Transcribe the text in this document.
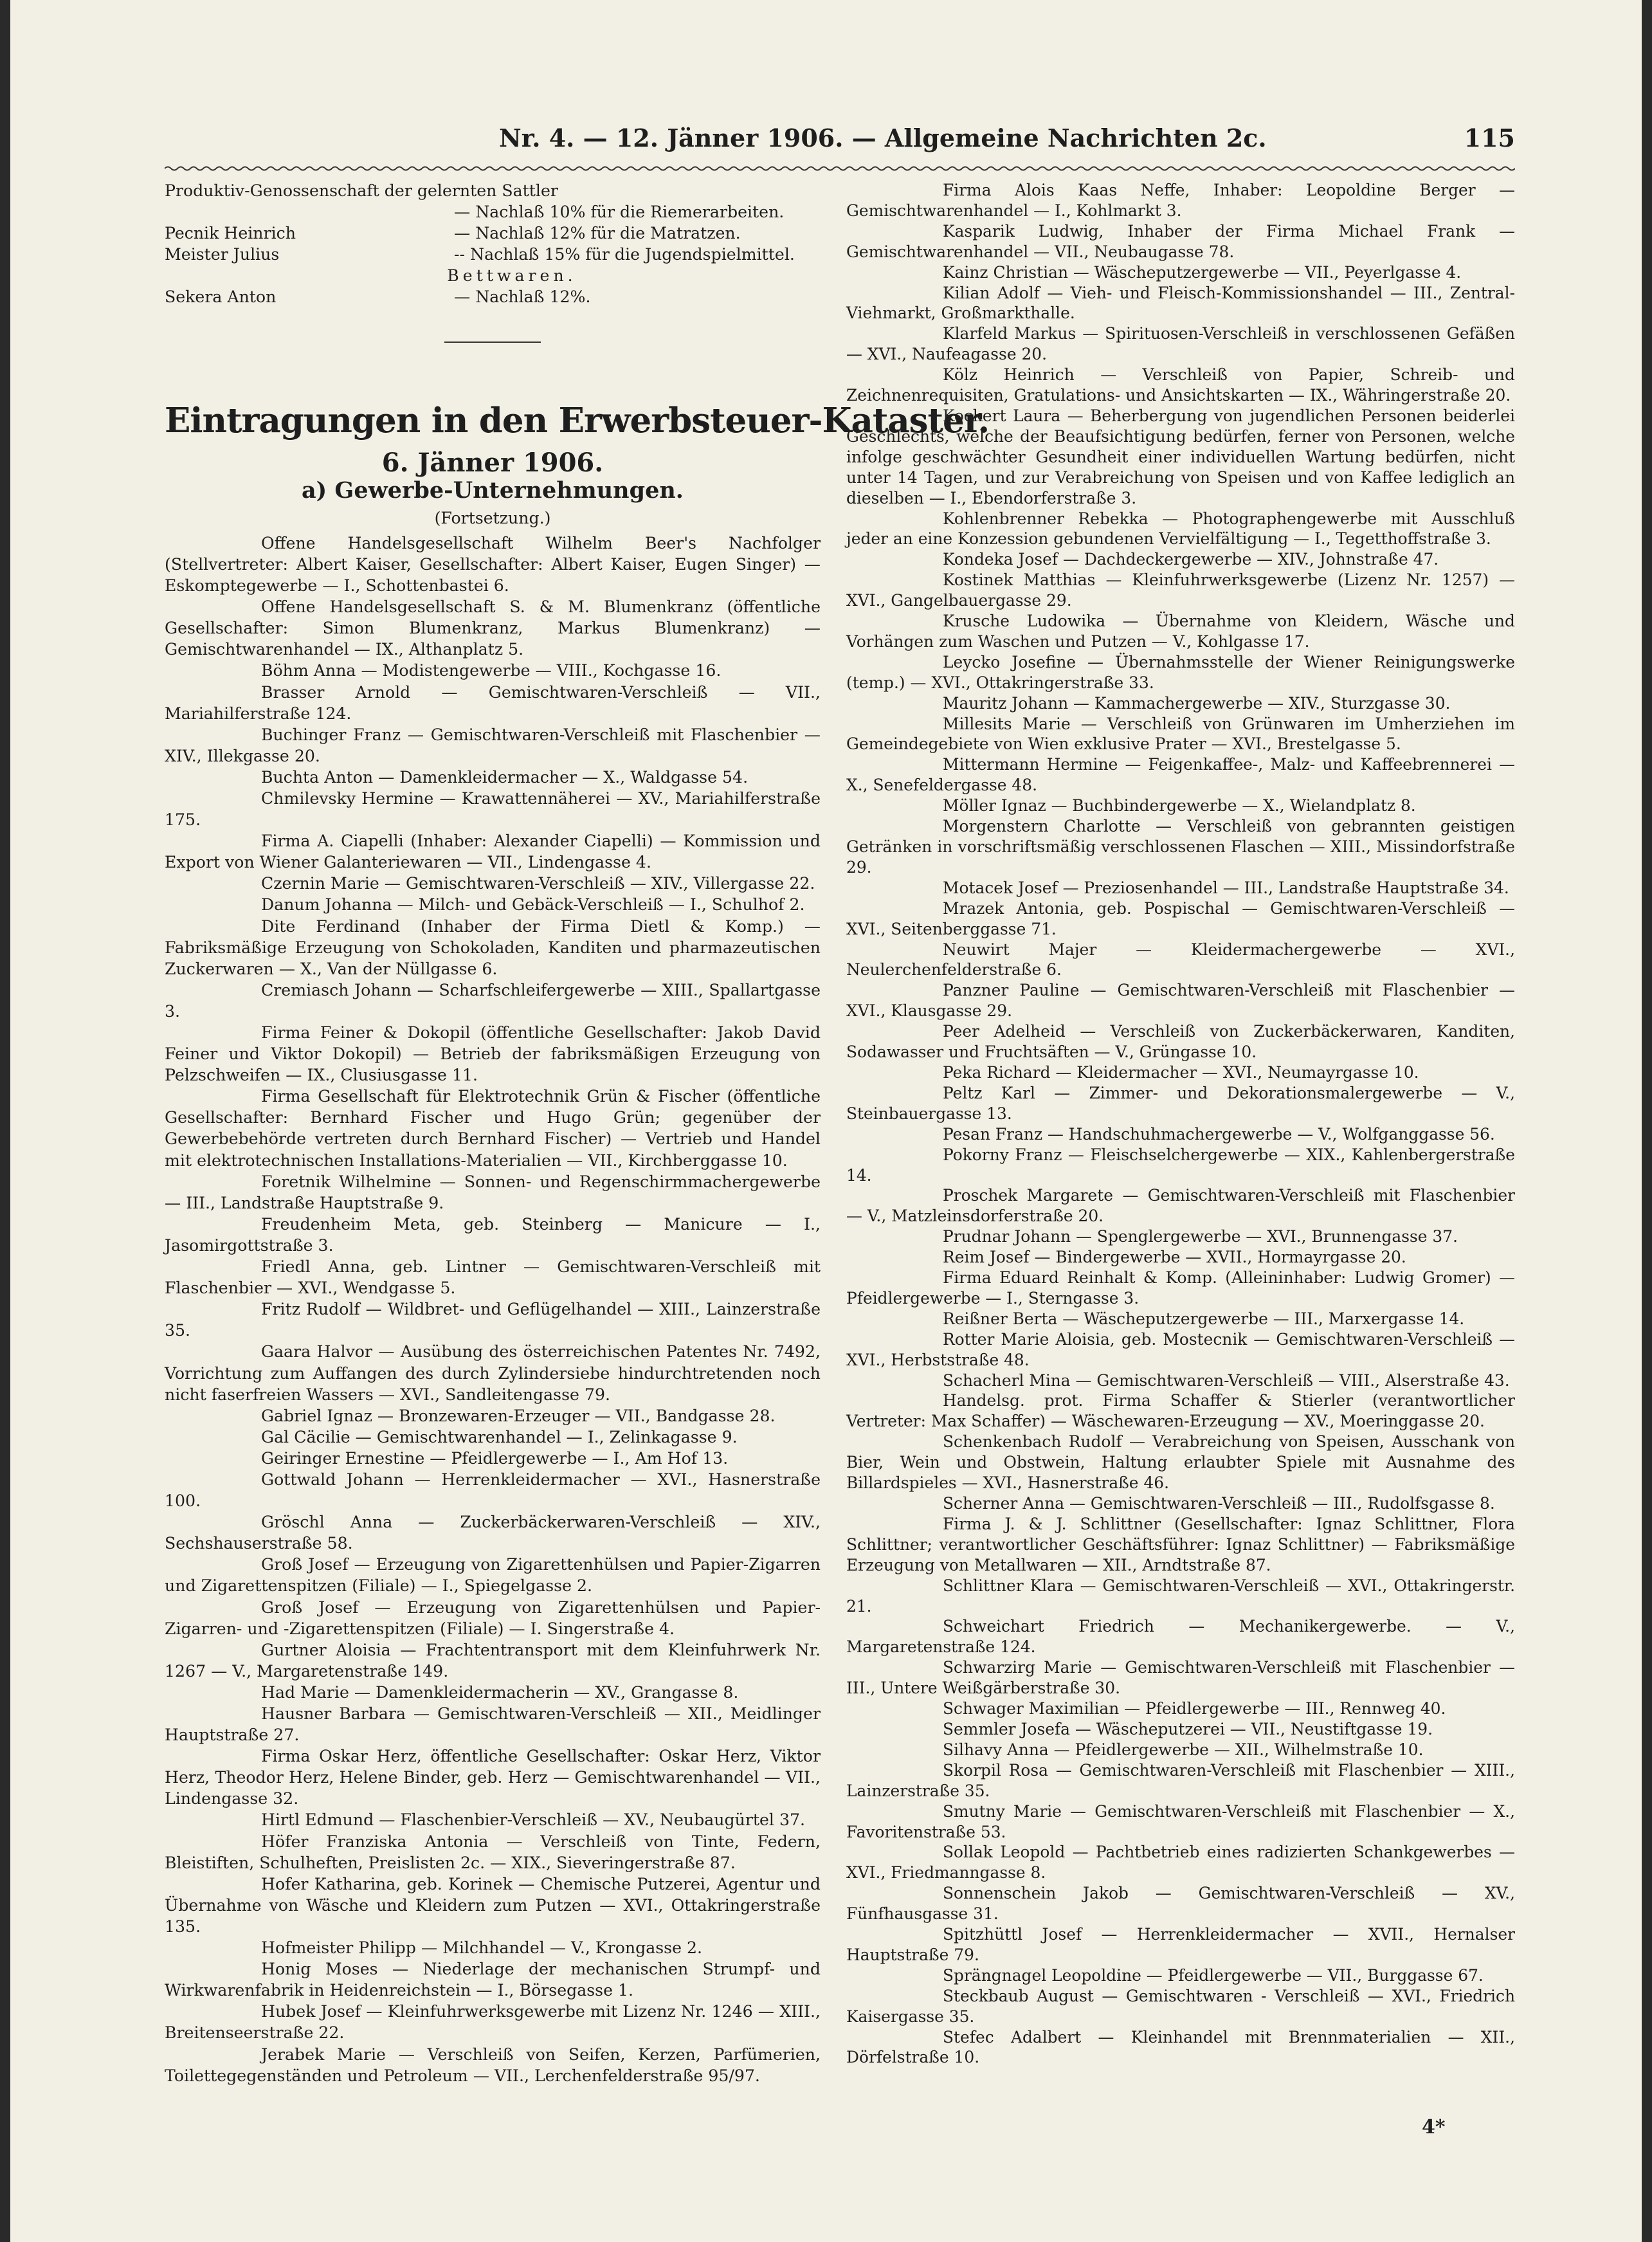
Nr. 4. — 12. Jänner 1906. — Allgemeine Nachrichten 2c.	115
Produktiv-Genossenschaft der gelernten Sattler
— Nachlaß 10% für die Riemerarbeiten.
Pecnik Heinrich	— Nachlaß 12% für die Matratzen.
Meister Julius	-- Nachlaß 15% für die Jugendspielmittel.
Bettwaren.
Sekera Anton	— Nachlaß 12%.
Eintragungen in den Erwerbsteuer-Kataster.
6. Jänner 1906.
a) Gewerbe-Unternehmungen.
(Fortsetzung.)

Offene Handelsgesellschaft Wilhelm Beer's Nachfolger (Stellvertreter: Albert Kaiser, Gesellschafter: Albert Kaiser, Eugen Singer) — Eskomptegewerbe — I., Schottenbastei 6.

Offene Handelsgesellschaft S. & M. Blumenkranz (öffentliche Gesellschafter: Simon Blumenkranz, Markus Blumenkranz) — Gemischtwarenhandel — IX., Althanplatz 5.

Böhm Anna — Modistengewerbe — VIII., Kochgasse 16.

Brasser Arnold — Gemischtwaren-Verschleiß — VII., Mariahilferstraße 124.

Buchinger Franz — Gemischtwaren-Verschleiß mit Flaschenbier — XIV., Illekgasse 20.

Buchta Anton — Damenkleidermacher — X., Waldgasse 54.

Chmilevsky Hermine — Krawattennäherei — XV., Mariahilferstraße 175.

Firma A. Ciapelli (Inhaber: Alexander Ciapelli) — Kommission und Export von Wiener Galanteriewaren — VII., Lindengasse 4.

Czernin Marie — Gemischtwaren-Verschleiß — XIV., Villergasse 22.

Danum Johanna — Milch- und Gebäck-Verschleiß — I., Schulhof 2.

Dite Ferdinand (Inhaber der Firma Dietl & Komp.) — Fabriksmäßige Erzeugung von Schokoladen, Kanditen und pharmazeutischen Zuckerwaren — X., Van der Nüllgasse 6.

Cremiasch Johann — Scharfschleifergewerbe — XIII., Spallartgasse 3.

Firma Feiner & Dokopil (öffentliche Gesellschafter: Jakob David Feiner und Viktor Dokopil) — Betrieb der fabriksmäßigen Erzeugung von Pelzschweifen — IX., Clusiusgasse 11.

Firma Gesellschaft für Elektrotechnik Grün & Fischer (öffentliche Gesellschafter: Bernhard Fischer und Hugo Grün; gegenüber der Gewerbebehörde vertreten durch Bernhard Fischer) — Vertrieb und Handel mit elektrotechnischen Installations-Materialien — VII., Kirchberggasse 10.

Foretnik Wilhelmine — Sonnen- und Regenschirmmachergewerbe — III., Landstraße Hauptstraße 9.

Freudenheim Meta, geb. Steinberg — Manicure — I., Jasomirgottstraße 3.

Friedl Anna, geb. Lintner — Gemischtwaren-Verschleiß mit Flaschenbier — XVI., Wendgasse 5.

Fritz Rudolf — Wildbret- und Geflügelhandel — XIII., Lainzerstraße 35.

Gaara Halvor — Ausübung des österreichischen Patentes Nr. 7492, Vorrichtung zum Auffangen des durch Zylindersiebe hindurchtretenden noch nicht faserfreien Wassers — XVI., Sandleitengasse 79.

Gabriel Ignaz — Bronzewaren-Erzeuger — VII., Bandgasse 28.

Gal Cäcilie — Gemischtwarenhandel — I., Zelinkagasse 9.

Geiringer Ernestine — Pfeidlergewerbe — I., Am Hof 13.

Gottwald Johann — Herrenkleidermacher — XVI., Hasnerstraße 100.

Gröschl Anna — Zuckerbäckerwaren-Verschleiß — XIV., Sechshauserstraße 58.

Groß Josef — Erzeugung von Zigarettenhülsen und Papier-Zigarren und Zigarettenspitzen (Filiale) — I., Spiegelgasse 2.

Groß Josef — Erzeugung von Zigarettenhülsen und Papier-Zigarren- und -Zigarettenspitzen (Filiale) — I. Singerstraße 4.

Gurtner Aloisia — Frachtentransport mit dem Kleinfuhrwerk Nr. 1267 — V., Margaretenstraße 149.

Had Marie — Damenkleidermacherin — XV., Grangasse 8.

Hausner Barbara — Gemischtwaren-Verschleiß — XII., Meidlinger Hauptstraße 27.

Firma Oskar Herz, öffentliche Gesellschafter: Oskar Herz, Viktor Herz, Theodor Herz, Helene Binder, geb. Herz — Gemischtwarenhandel — VII., Lindengasse 32.

Hirtl Edmund — Flaschenbier-Verschleiß — XV., Neubaugürtel 37.

Höfer Franziska Antonia — Verschleiß von Tinte, Federn, Bleistiften, Schulheften, Preislisten 2c. — XIX., Sieveringerstraße 87.

Hofer Katharina, geb. Korinek — Chemische Putzerei, Agentur und Übernahme von Wäsche und Kleidern zum Putzen — XVI., Ottakringerstraße 135.

Hofmeister Philipp — Milchhandel — V., Krongasse 2.

Honig Moses — Niederlage der mechanischen Strumpf- und Wirkwarenfabrik in Heidenreichstein — I., Börsegasse 1.

Hubek Josef — Kleinfuhrwerksgewerbe mit Lizenz Nr. 1246 — XIII., Breitenseerstraße 22.

Jerabek Marie — Verschleiß von Seifen, Kerzen, Parfümerien, Toilettegegenständen und Petroleum — VII., Lerchenfelderstraße 95/97.

Firma Alois Kaas Neffe, Inhaber: Leopoldine Berger — Gemischtwarenhandel — I., Kohlmarkt 3.

Kasparik Ludwig, Inhaber der Firma Michael Frank — Gemischtwarenhandel — VII., Neubaugasse 78.

Kainz Christian — Wäscheputzergewerbe — VII., Peyerlgasse 4.

Kilian Adolf — Vieh- und Fleisch-Kommissionshandel — III., Zentral-Viehmarkt, Großmarkthalle.

Klarfeld Markus — Spirituosen-Verschleiß in verschlossenen Gefäßen — XVI., Naufeagasse 20.

Kölz Heinrich — Verschleiß von Papier, Schreib- und Zeichnenrequisiten, Gratulations- und Ansichtskarten — IX., Währingerstraße 20.

Kockert Laura — Beherbergung von jugendlichen Personen beiderlei Geschlechts, welche der Beaufsichtigung bedürfen, ferner von Personen, welche infolge geschwächter Gesundheit einer individuellen Wartung bedürfen, nicht unter 14 Tagen, und zur Verabreichung von Speisen und von Kaffee lediglich an dieselben — I., Ebendorferstraße 3.

Kohlenbrenner Rebekka — Photographengewerbe mit Ausschluß jeder an eine Konzession gebundenen Vervielfältigung — I., Tegetthoffstraße 3.

Kondeka Josef — Dachdeckergewerbe — XIV., Johnstraße 47.

Kostinek Matthias — Kleinfuhrwerksgewerbe (Lizenz Nr. 1257) — XVI., Gangelbauergasse 29.

Krusche Ludowika — Übernahme von Kleidern, Wäsche und Vorhängen zum Waschen und Putzen — V., Kohlgasse 17.

Leycko Josefine — Übernahmsstelle der Wiener Reinigungswerke (temp.) — XVI., Ottakringerstraße 33.

Mauritz Johann — Kammachergewerbe — XIV., Sturzgasse 30.

Millesits Marie — Verschleiß von Grünwaren im Umherziehen im Gemeindegebiete von Wien exklusive Prater — XVI., Brestelgasse 5.

Mittermann Hermine — Feigenkaffee-, Malz- und Kaffeebrennerei — X., Senefeldergasse 48.

Möller Ignaz — Buchbindergewerbe — X., Wielandplatz 8.

Morgenstern Charlotte — Verschleiß von gebrannten geistigen Getränken in vorschriftsmäßig verschlossenen Flaschen — XIII., Missindorfstraße 29.

Motacek Josef — Preziosenhandel — III., Landstraße Hauptstraße 34.

Mrazek Antonia, geb. Pospischal — Gemischtwaren-Verschleiß — XVI., Seitenberggasse 71.

Neuwirt Majer — Kleidermachergewerbe — XVI., Neulerchenfelderstraße 6.

Panzner Pauline — Gemischtwaren-Verschleiß mit Flaschenbier — XVI., Klausgasse 29.

Peer Adelheid — Verschleiß von Zuckerbäckerwaren, Kanditen, Sodawasser und Fruchtsäften — V., Grüngasse 10.

Peka Richard — Kleidermacher — XVI., Neumayrgasse 10.

Peltz Karl — Zimmer- und Dekorationsmalergewerbe — V., Steinbauergasse 13.

Pesan Franz — Handschuhmachergewerbe — V., Wolfganggasse 56.

Pokorny Franz — Fleischselchergewerbe — XIX., Kahlenbergerstraße 14.

Proschek Margarete — Gemischtwaren-Verschleiß mit Flaschenbier — V., Matzleinsdorferstraße 20.

Prudnar Johann — Spenglergewerbe — XVI., Brunnengasse 37.

Reim Josef — Bindergewerbe — XVII., Hormayrgasse 20.

Firma Eduard Reinhalt & Komp. (Alleininhaber: Ludwig Gromer) — Pfeidlergewerbe — I., Sterngasse 3.

Reißner Berta — Wäscheputzergewerbe — III., Marxergasse 14.

Rotter Marie Aloisia, geb. Mostecnik — Gemischtwaren-Verschleiß — XVI., Herbststraße 48.

Schacherl Mina — Gemischtwaren-Verschleiß — VIII., Alserstraße 43.

Handelsg. prot. Firma Schaffer & Stierler (verantwortlicher Vertreter: Max Schaffer) — Wäschewaren-Erzeugung — XV., Moeringgasse 20.

Schenkenbach Rudolf — Verabreichung von Speisen, Ausschank von Bier, Wein und Obstwein, Haltung erlaubter Spiele mit Ausnahme des Billardspieles — XVI., Hasnerstraße 46.

Scherner Anna — Gemischtwaren-Verschleiß — III., Rudolfsgasse 8.

Firma J. & J. Schlittner (Gesellschafter: Ignaz Schlittner, Flora Schlittner; verantwortlicher Geschäftsführer: Ignaz Schlittner) — Fabriksmäßige Erzeugung von Metallwaren — XII., Arndtstraße 87.

Schlittner Klara — Gemischtwaren-Verschleiß — XVI., Ottakringerstr. 21.

Schweichart Friedrich — Mechanikergewerbe. — V., Margaretenstraße 124.

Schwarzirg Marie — Gemischtwaren-Verschleiß mit Flaschenbier — III., Untere Weißgärberstraße 30.

Schwager Maximilian — Pfeidlergewerbe — III., Rennweg 40.

Semmler Josefa — Wäscheputzerei — VII., Neustiftgasse 19.

Silhavy Anna — Pfeidlergewerbe — XII., Wilhelmstraße 10.

Skorpil Rosa — Gemischtwaren-Verschleiß mit Flaschenbier — XIII., Lainzerstraße 35.

Smutny Marie — Gemischtwaren-Verschleiß mit Flaschenbier — X., Favoritenstraße 53.

Sollak Leopold — Pachtbetrieb eines radizierten Schankgewerbes — XVI., Friedmanngasse 8.

Sonnenschein Jakob — Gemischtwaren-Verschleiß — XV., Fünfhausgasse 31.

Spitzhüttl Josef — Herrenkleidermacher — XVII., Hernalser Hauptstraße 79.

Sprängnagel Leopoldine — Pfeidlergewerbe — VII., Burggasse 67.

Steckbaub August — Gemischtwaren - Verschleiß — XVI., Friedrich Kaisergasse 35.

Stefec Adalbert — Kleinhandel mit Brennmaterialien — XII., Dörfelstraße 10.

4*
